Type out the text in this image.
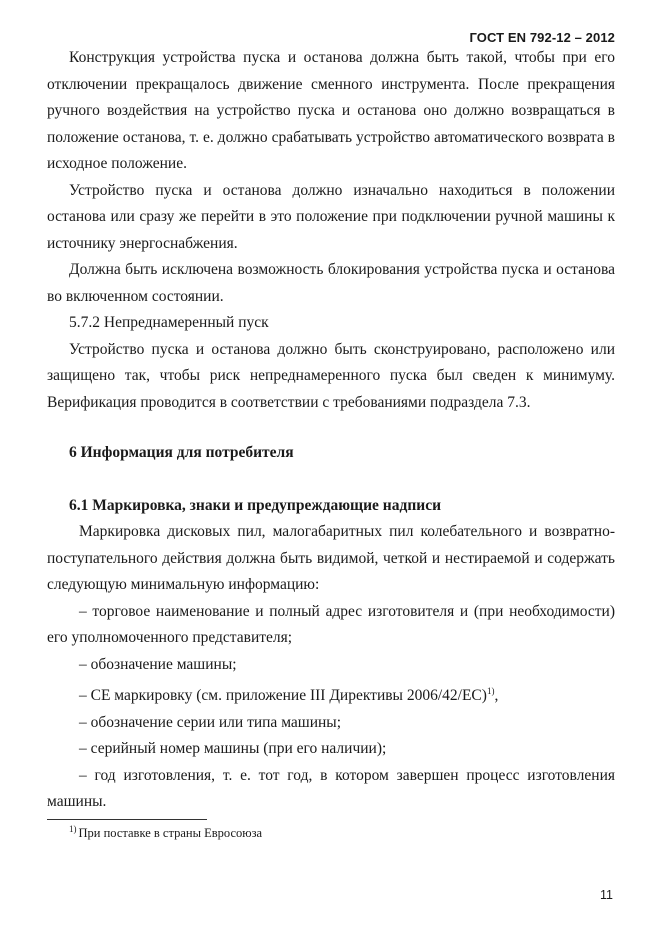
ГОСТ EN 792-12 – 2012

Конструкция устройства пуска и останова должна быть такой, чтобы при его отключении прекращалось движение сменного инструмента. После прекращения ручного воздействия на устройство пуска и останова оно должно возвращаться в положение останова, т. е. должно срабатывать устройство автоматического возврата в исходное положение.

Устройство пуска и останова должно изначально находиться в положении останова или сразу же перейти в это положение при подключении ручной машины к источнику энергоснабжения.

Должна быть исключена возможность блокирования устройства пуска и останова во включенном состоянии.

5.7.2 Непреднамеренный пуск

Устройство пуска и останова должно быть сконструировано, расположено или защищено так, чтобы риск непреднамеренного пуска был сведен к минимуму. Верификация проводится в соответствии с требованиями подраздела 7.3.

6 Информация для потребителя
6.1 Маркировка, знаки и предупреждающие надписи

Маркировка дисковых пил, малогабаритных пил колебательного и возвратно-поступательного действия должна быть видимой, четкой и нестираемой и содержать следующую минимальную информацию:

– торговое наименование и полный адрес изготовителя и (при необходимости) его уполномоченного представителя;

– обозначение машины;

– CE маркировку (см. приложение III Директивы 2006/42/EC)$^{1)}$,

– обозначение серии или типа машины;

– серийный номер машины (при его наличии);

– год изготовления, т. е. тот год, в котором завершен процесс изготовления машины.

$^{1)}$ При поставке в страны Евросоюза
11
